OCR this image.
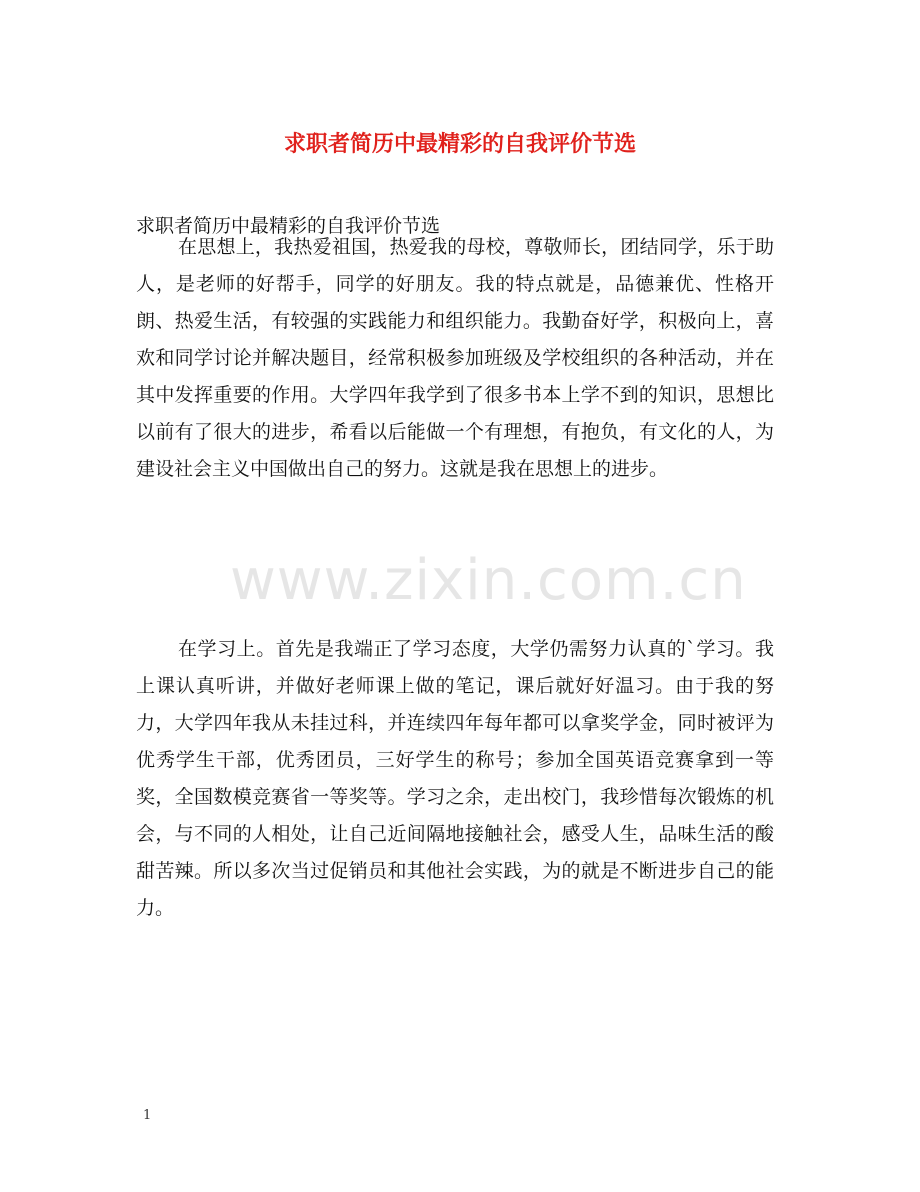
www.zixin.com.cn
求职者简历中最精彩的自我评价节选
求职者简历中最精彩的自我评价节选

在思想上，我热爱祖国，热爱我的母校，尊敬师长，团结同学，乐于助人，是老师的好帮手，同学的好朋友。我的特点就是，品德兼优、性格开朗、热爱生活，有较强的实践能力和组织能力。我勤奋好学，积极向上，喜欢和同学讨论并解决题目，经常积极参加班级及学校组织的各种活动，并在其中发挥重要的作用。大学四年我学到了很多书本上学不到的知识，思想比以前有了很大的进步，希看以后能做一个有理想，有抱负，有文化的人，为建设社会主义中国做出自己的努力。这就是我在思想上的进步。

在学习上。首先是我端正了学习态度，大学仍需努力认真的`学习。我上课认真听讲，并做好老师课上做的笔记，课后就好好温习。由于我的努力，大学四年我从未挂过科，并连续四年每年都可以拿奖学金，同时被评为优秀学生干部，优秀团员，三好学生的称号；参加全国英语竞赛拿到一等奖，全国数模竞赛省一等奖等。学习之余，走出校门，我珍惜每次锻炼的机会，与不同的人相处，让自己近间隔地接触社会，感受人生，品味生活的酸甜苦辣。所以多次当过促销员和其他社会实践，为的就是不断进步自己的能力。

1
